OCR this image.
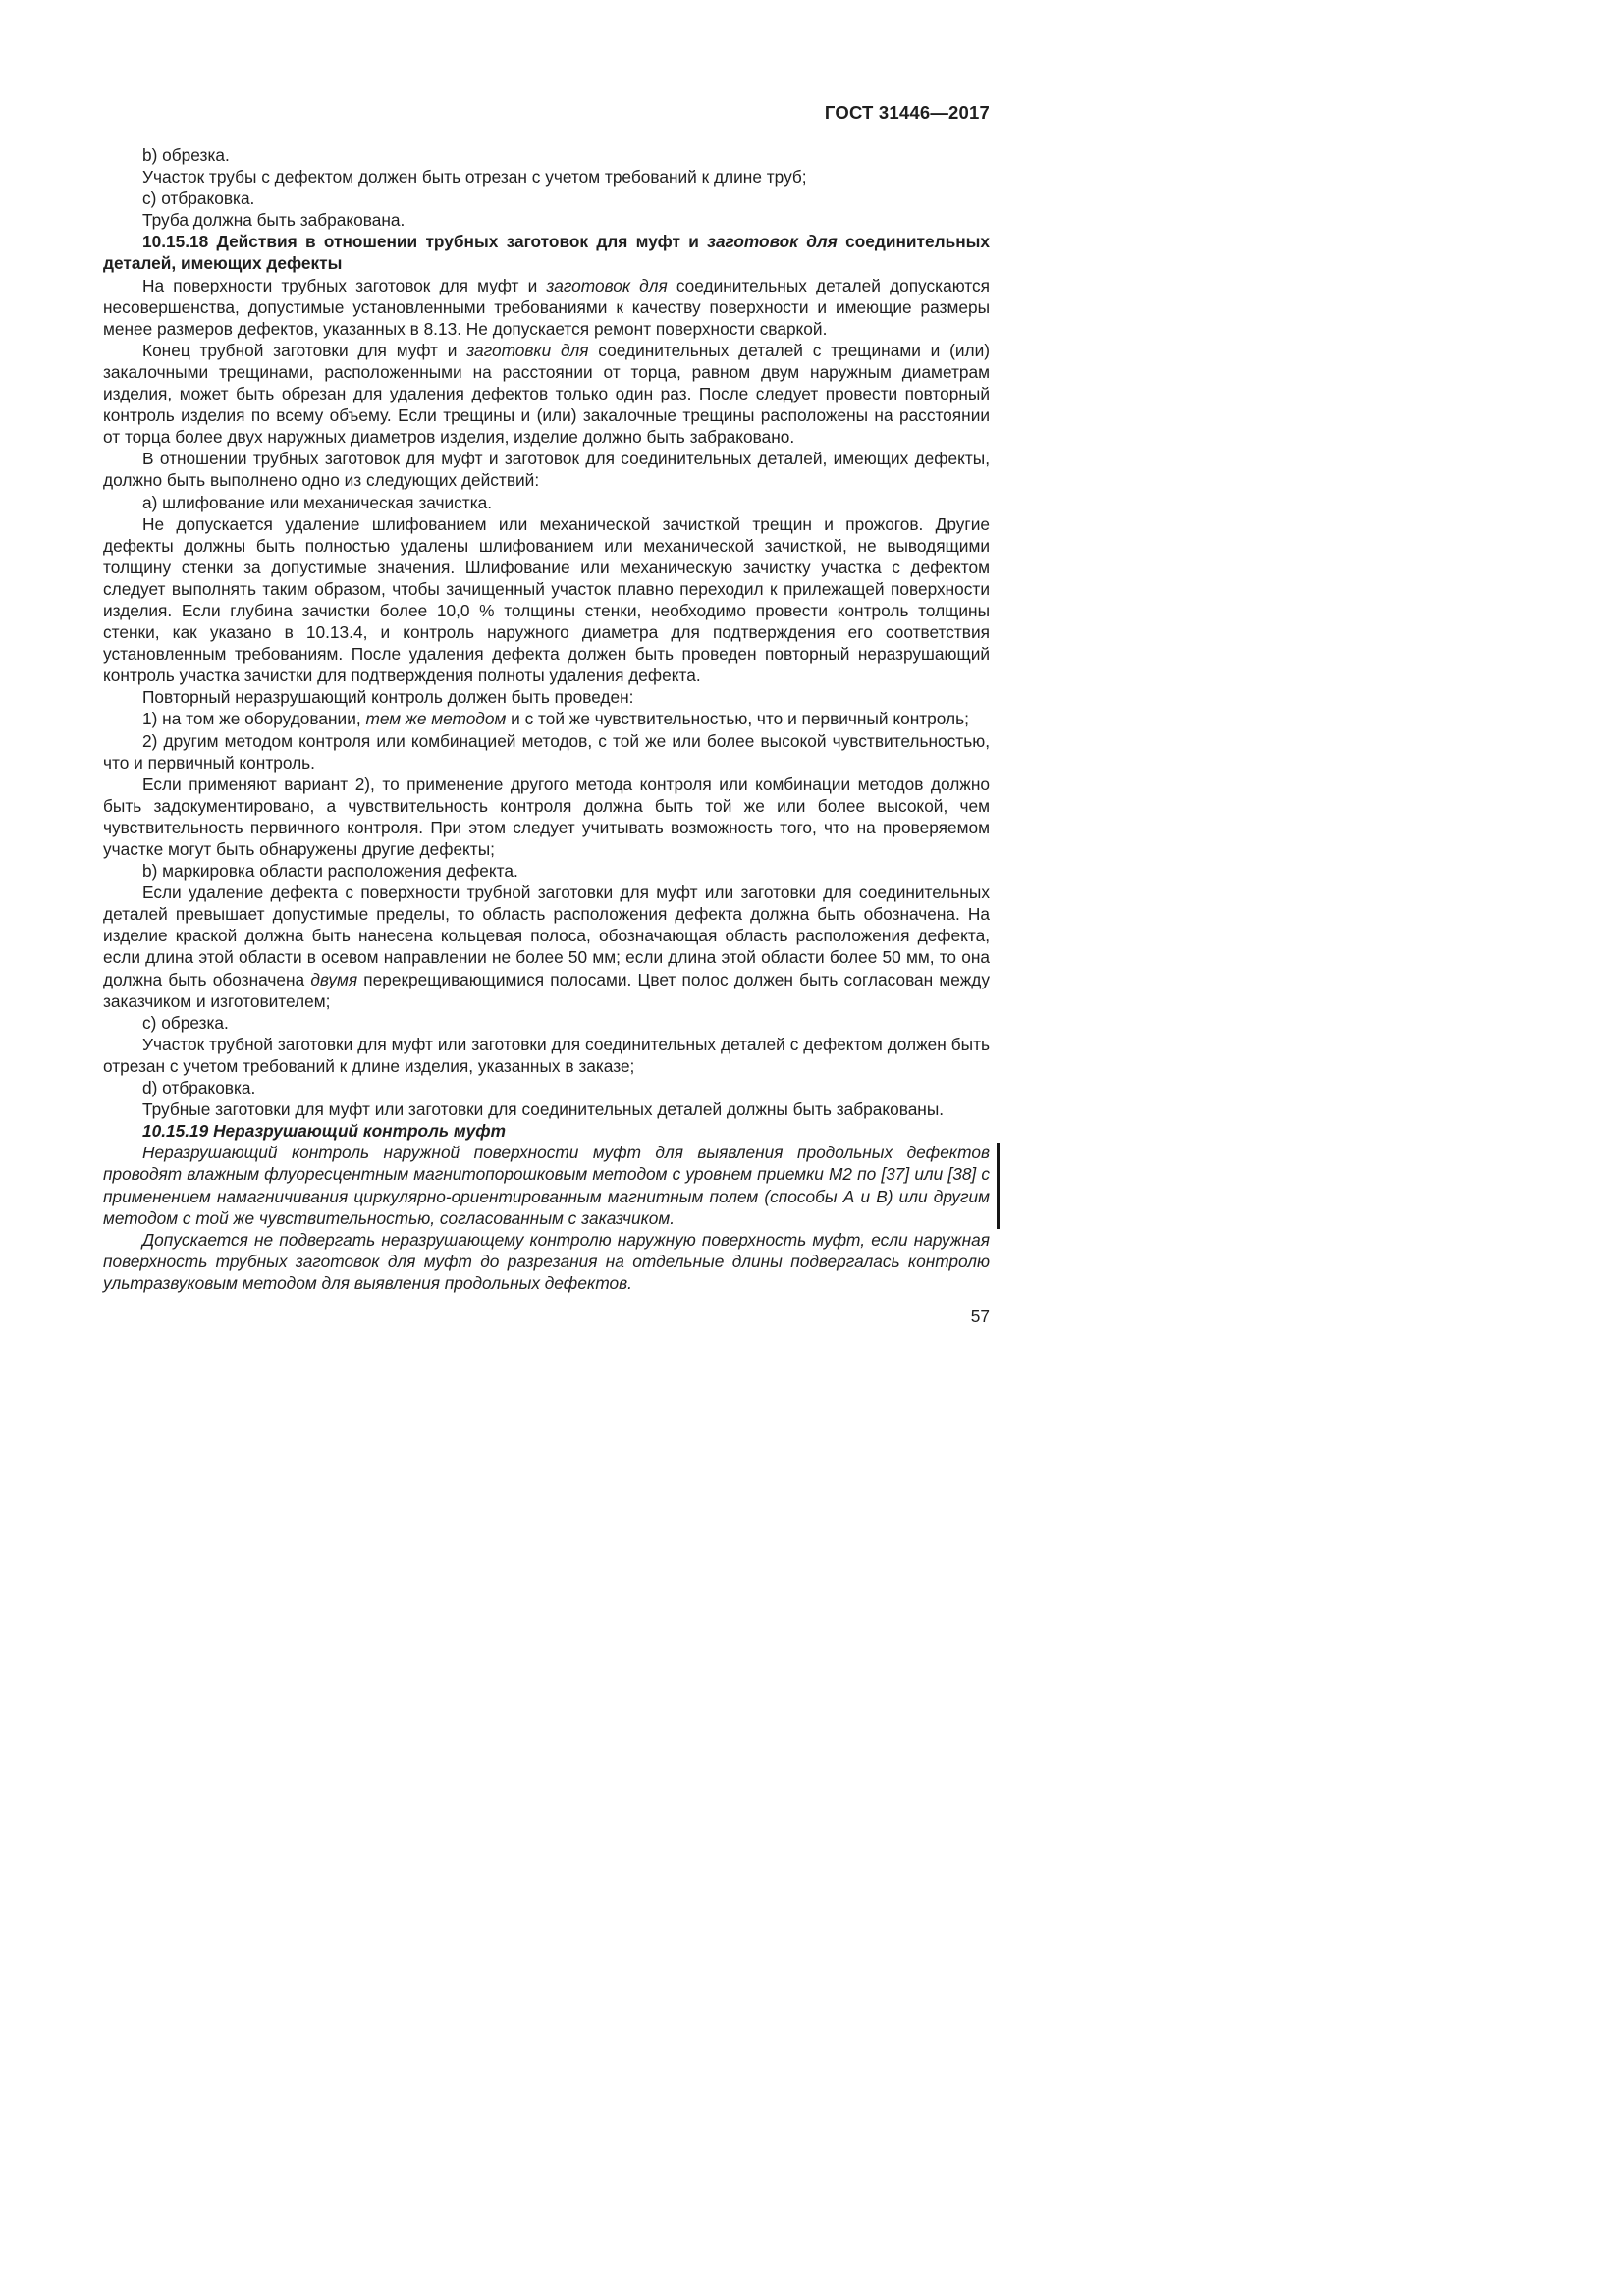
ГОСТ 31446—2017

b) обрезка.

Участок трубы с дефектом должен быть отрезан с учетом требований к длине труб;

c) отбраковка.

Труба должна быть забракована.

10.15.18 Действия в отношении трубных заготовок для муфт и заготовок для соединительных деталей, имеющих дефекты

На поверхности трубных заготовок для муфт и заготовок для соединительных деталей допускаются несовершенства, допустимые установленными требованиями к качеству поверхности и имеющие размеры менее размеров дефектов, указанных в 8.13. Не допускается ремонт поверхности сваркой.

Конец трубной заготовки для муфт и заготовки для соединительных деталей с трещинами и (или) закалочными трещинами, расположенными на расстоянии от торца, равном двум наружным диаметрам изделия, может быть обрезан для удаления дефектов только один раз. После следует провести повторный контроль изделия по всему объему. Если трещины и (или) закалочные трещины расположены на расстоянии от торца более двух наружных диаметров изделия, изделие должно быть забраковано.

В отношении трубных заготовок для муфт и заготовок для соединительных деталей, имеющих дефекты, должно быть выполнено одно из следующих действий:

a) шлифование или механическая зачистка.

Не допускается удаление шлифованием или механической зачисткой трещин и прожогов. Другие дефекты должны быть полностью удалены шлифованием или механической зачисткой, не выводящими толщину стенки за допустимые значения. Шлифование или механическую зачистку участка с дефектом следует выполнять таким образом, чтобы зачищенный участок плавно переходил к прилежащей поверхности изделия. Если глубина зачистки более 10,0 % толщины стенки, необходимо провести контроль толщины стенки, как указано в 10.13.4, и контроль наружного диаметра для подтверждения его соответствия установленным требованиям. После удаления дефекта должен быть проведен повторный неразрушающий контроль участка зачистки для подтверждения полноты удаления дефекта.

Повторный неразрушающий контроль должен быть проведен:

1) на том же оборудовании, тем же методом и с той же чувствительностью, что и первичный контроль;

2) другим методом контроля или комбинацией методов, с той же или более высокой чувствительностью, что и первичный контроль.

Если применяют вариант 2), то применение другого метода контроля или комбинации методов должно быть задокументировано, а чувствительность контроля должна быть той же или более высокой, чем чувствительность первичного контроля. При этом следует учитывать возможность того, что на проверяемом участке могут быть обнаружены другие дефекты;

b) маркировка области расположения дефекта.

Если удаление дефекта с поверхности трубной заготовки для муфт или заготовки для соединительных деталей превышает допустимые пределы, то область расположения дефекта должна быть обозначена. На изделие краской должна быть нанесена кольцевая полоса, обозначающая область расположения дефекта, если длина этой области в осевом направлении не более 50 мм; если длина этой области более 50 мм, то она должна быть обозначена двумя перекрещивающимися полосами. Цвет полос должен быть согласован между заказчиком и изготовителем;

c) обрезка.

Участок трубной заготовки для муфт или заготовки для соединительных деталей с дефектом должен быть отрезан с учетом требований к длине изделия, указанных в заказе;

d) отбраковка.

Трубные заготовки для муфт или заготовки для соединительных деталей должны быть забракованы.

10.15.19 Неразрушающий контроль муфт

Неразрушающий контроль наружной поверхности муфт для выявления продольных дефектов проводят влажным флуоресцентным магнитопорошковым методом с уровнем приемки М2 по [37] или [38] с применением намагничивания циркулярно-ориентированным магнитным полем (способы А и В) или другим методом с той же чувствительностью, согласованным с заказчиком.

Допускается не подвергать неразрушающему контролю наружную поверхность муфт, если наружная поверхность трубных заготовок для муфт до разрезания на отдельные длины подвергалась контролю ультразвуковым методом для выявления продольных дефектов.

57
